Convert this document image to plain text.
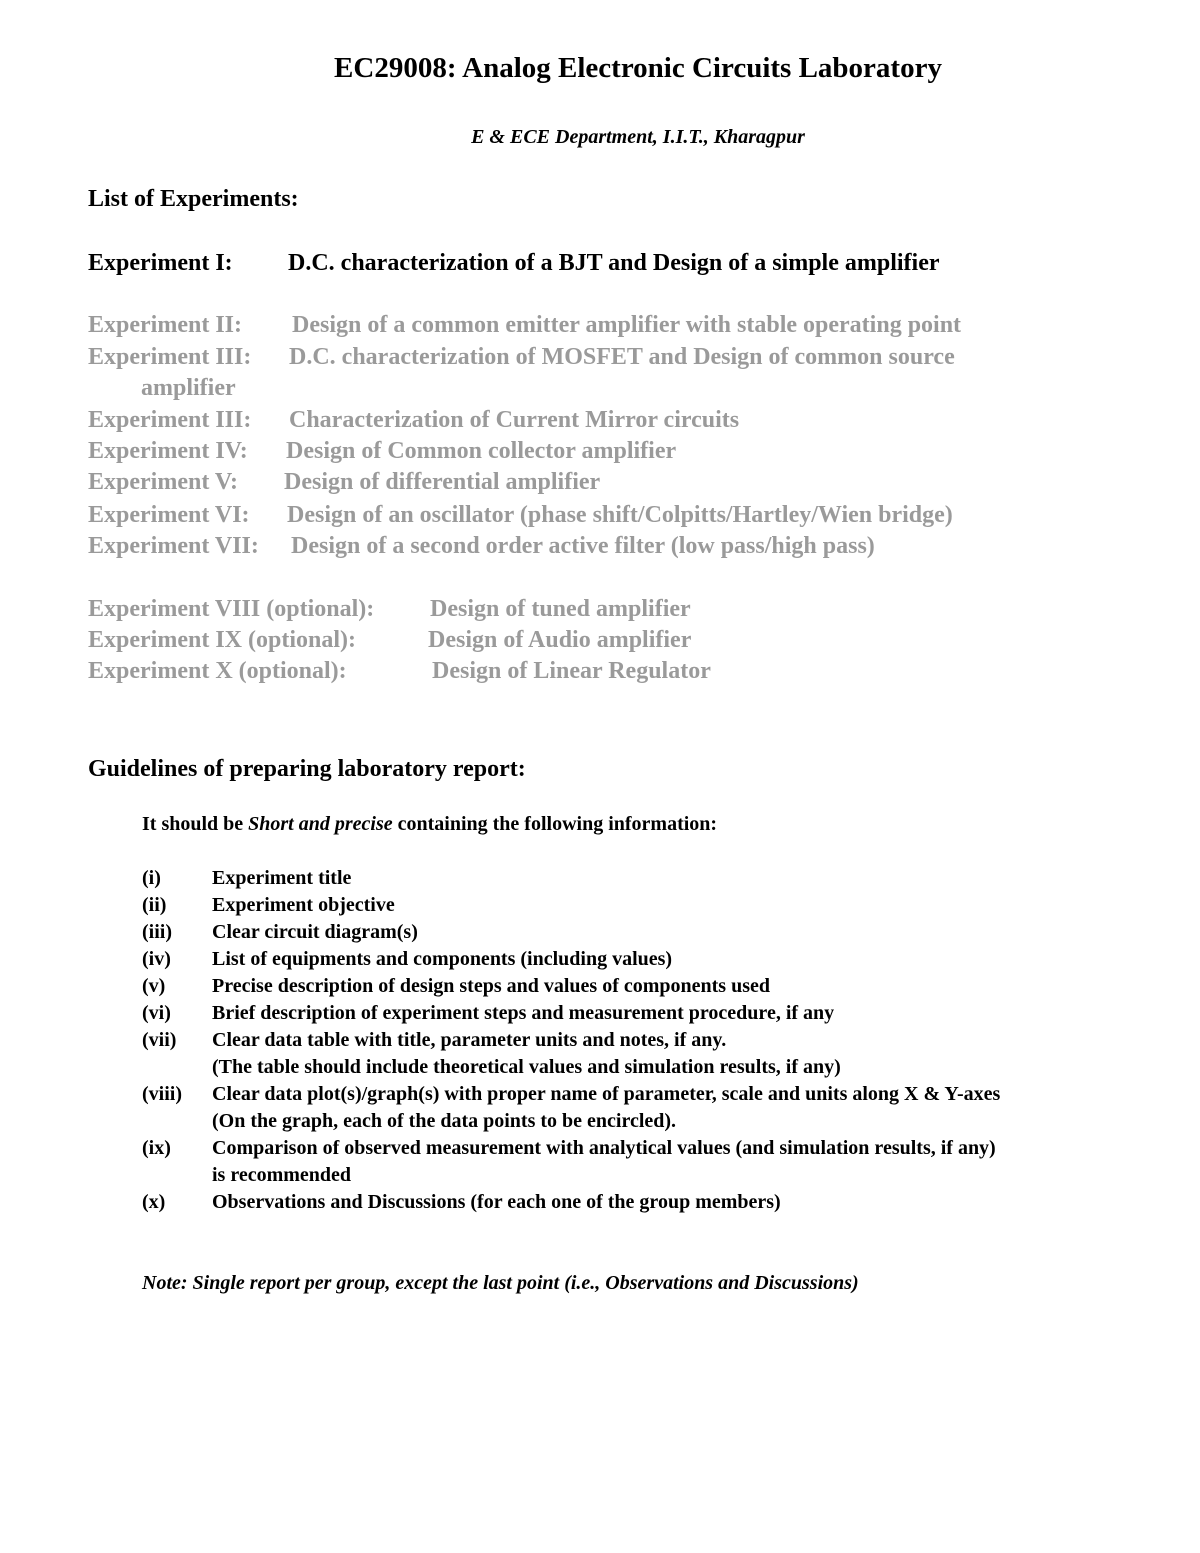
EC29008: Analog Electronic Circuits Laboratory
E & ECE Department, I.I.T., Kharagpur
List of Experiments:
Experiment I: D.C. characterization of a BJT and Design of a simple amplifier
Experiment II: Design of a common emitter amplifier with stable operating point
Experiment III: D.C. characterization of MOSFET and Design of common source
amplifier
Experiment III: Characterization of Current Mirror circuits
Experiment IV: Design of Common collector amplifier
Experiment V: Design of differential amplifier
Experiment VI: Design of an oscillator (phase shift/Colpitts/Hartley/Wien bridge)
Experiment VII: Design of a second order active filter (low pass/high pass)
Experiment VIII (optional): Design of tuned amplifier
Experiment IX (optional):	Design of Audio amplifier
Experiment X (optional):	Design of Linear Regulator
Guidelines of preparing laboratory report:
It should be Short and precise containing the following information:
(i)	Experiment title
(ii) Experiment objective
(iii) Clear circuit diagram(s)
(iv) List of equipments and components (including values)
(v) Precise description of design steps and values of components used
(vi) Brief description of experiment steps and measurement procedure, if any
(vii) Clear data table with title, parameter units and notes, if any.
(The table should include theoretical values and simulation results, if any)
(viii) Clear data plot(s)/graph(s) with proper name of parameter, scale and units along X & Y-axes
(On the graph, each of the data points to be encircled).
(ix) Comparison of observed measurement with analytical values (and simulation results, if any)
is recommended
(x) Observations and Discussions (for each one of the group members)
Note: Single report per group, except the last point (i.e., Observations and Discussions)
